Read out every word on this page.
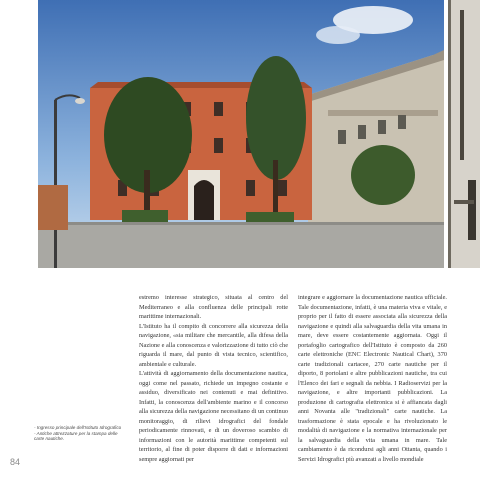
- Ingresso principale dell'Istituto Idrografico
- Antiche attrezzature per la stampa delle
carte nautiche.

estremo interesse strategico, situata al centro del Mediterraneo e alla confluenza delle principali rotte marittime internazionali.

L'Istituto ha il compito di concorrere alla sicurezza della navigazione, «sia militare che mercantile, alla difesa della Nazione e alla conoscenza e valorizzazione di tutto ciò che riguarda il mare, dal punto di vista tecnico, scientifico, ambientale e culturale.

L'attività di aggiornamento della documentazione nautica, oggi come nel passato, richiede un impegno costante e assiduo, diversificato nei contenuti e mai definitivo. Infatti, la conoscenza dell'ambiente marino e il concorso alla sicurezza della navigazione necessitano di un continuo monitoraggio, di rilievi idrografici del fondale periodicamente rinnovati, e di un doveroso scambio di informazioni con le autorità marittime competenti sul territorio, al fine di poter disporre di dati e informazioni sempre aggiornati per

integrare e aggiornare la documentazione nautica ufficiale. Tale documentazione, infatti, è una materia viva e vitale, e proprio per il fatto di essere associata alla sicurezza della navigazione e quindi alla salvaguardia della vita umana in mare, deve essere costantemente aggiornata. Oggi il portafoglio cartografico dell'Istituto è composto da 260 carte elettroniche (ENC Electronic Nautical Chart), 370 carte tradizionali cartacee, 270 carte nautiche per il diporto, 8 portolani e altre pubblicazioni nautiche, tra cui l'Elenco dei fari e segnali da nebbia. I Radioservizi per la navigazione, e altre importanti pubblicazioni. La produzione di cartografia elettronica si è affiancata dagli anni Novanta alle "tradizionali" carte nautiche. La trasformazione è stata epocale e ha rivoluzionato le modalità di navigazione e la normativa internazionale per la salvaguardia della vita umana in mare. Tale cambiamento è da ricondursi agli anni Ottanta, quando i Servizi Idrografici più avanzati a livello mondiale

84
